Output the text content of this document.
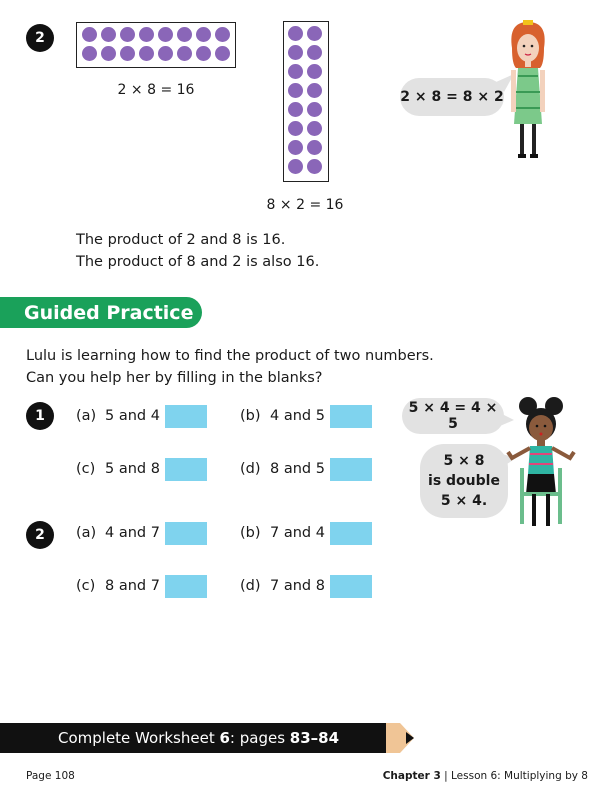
2
2 × 8 = 16
8 × 2 = 16
2 × 8 = 8 × 2
The product of 2 and 8 is 16.
The product of 8 and 2 is also 16.
Guided Practice
Lulu is learning how to find the product of two numbers.
Can you help her by filling in the blanks?
1	(a) 5 and 4	(b) 4 and 5
(c) 5 and 8	(d) 8 and 5
2	(a) 4 and 7	(b) 7 and 4
(c) 8 and 7	(d) 7 and 8
5 × 4 = 4 × 5
5 × 8
is double
5 × 4.
Complete Worksheet 6 : pages 83–84
Page 108	Chapter 3 | Lesson 6: Multiplying by 8
